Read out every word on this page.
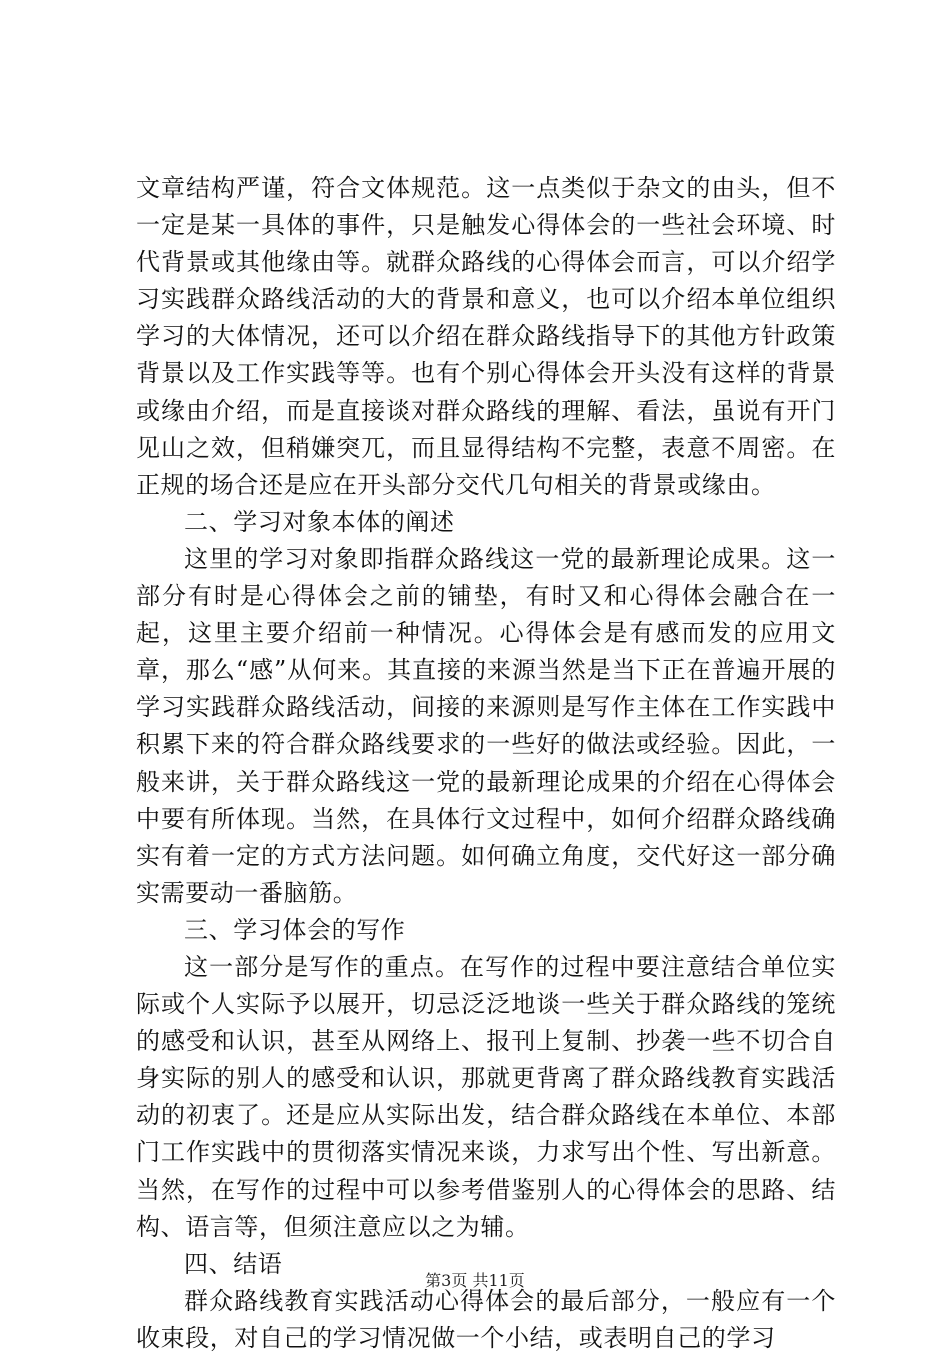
文章结构严谨，符合文体规范。这一点类似于杂文的由头，但不一定是某一具体的事件，只是触发心得体会的一些社会环境、时代背景或其他缘由等。就群众路线的心得体会而言，可以介绍学习实践群众路线活动的大的背景和意义，也可以介绍本单位组织学习的大体情况，还可以介绍在群众路线指导下的其他方针政策背景以及工作实践等等。也有个别心得体会开头没有这样的背景或缘由介绍，而是直接谈对群众路线的理解、看法，虽说有开门见山之效，但稍嫌突兀，而且显得结构不完整，表意不周密。在正规的场合还是应在开头部分交代几句相关的背景或缘由。

二、学习对象本体的阐述

这里的学习对象即指群众路线这一党的最新理论成果。这一部分有时是心得体会之前的铺垫，有时又和心得体会融合在一起，这里主要介绍前一种情况。心得体会是有感而发的应用文章，那么“感”从何来。其直接的来源当然是当下正在普遍开展的学习实践群众路线活动，间接的来源则是写作主体在工作实践中积累下来的符合群众路线要求的一些好的做法或经验。因此，一般来讲，关于群众路线这一党的最新理论成果的介绍在心得体会中要有所体现。当然，在具体行文过程中，如何介绍群众路线确实有着一定的方式方法问题。如何确立角度，交代好这一部分确实需要动一番脑筋。

三、学习体会的写作

这一部分是写作的重点。在写作的过程中要注意结合单位实际或个人实际予以展开，切忌泛泛地谈一些关于群众路线的笼统的感受和认识，甚至从网络上、报刊上复制、抄袭一些不切合自身实际的别人的感受和认识，那就更背离了群众路线教育实践活动的初衷了。还是应从实际出发，结合群众路线在本单位、本部门工作实践中的贯彻落实情况来谈，力求写出个性、写出新意。当然，在写作的过程中可以参考借鉴别人的心得体会的思路、结构、语言等，但须注意应以之为辅。

四、结语

群众路线教育实践活动心得体会的最后部分，一般应有一个收束段，对自己的学习情况做一个小结，或表明自己的学习

第3页 共11页
